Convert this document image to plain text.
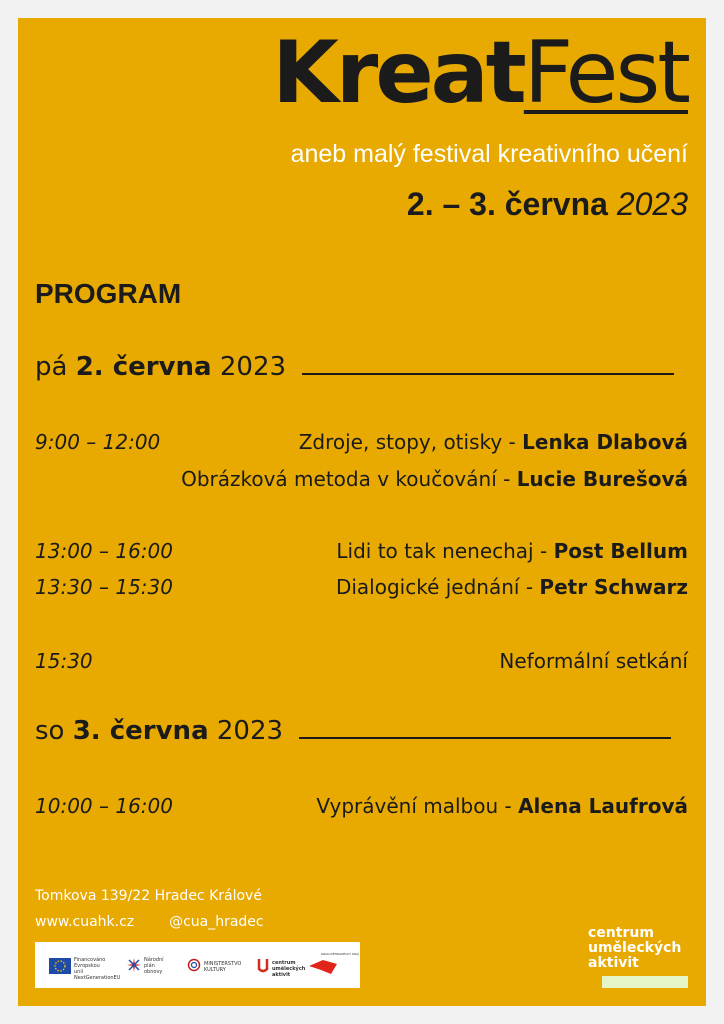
KreatFest
aneb malý festival kreativního učení
2. – 3. června 2023
PROGRAM
pá 2. června 2023
9:00 – 12:00	Zdroje, stopy, otisky - Lenka Dlabová
Obrázková metoda v koučování - Lucie Burešová
13:00 – 16:00	Lidi to tak nenechaj - Post Bellum
13:30 – 15:30	Dialogické jednání - Petr Schwarz
15:30	Neformální setkání
so 3. června 2023
10:00 – 16:00	Vyprávění malbou - Alena Laufrová
Tomkova 139/22 Hradec Králové
www.cuahk.cz @cua_hradec
Financováno Evropskou unií NextGenerationEU
Národní plán obnovy
MINISTERSTVO KULTURY
centrum uměleckých aktivit
KRÁLOVÉHRADECKÝ KRAJ
centrum
uměleckých
aktivit
